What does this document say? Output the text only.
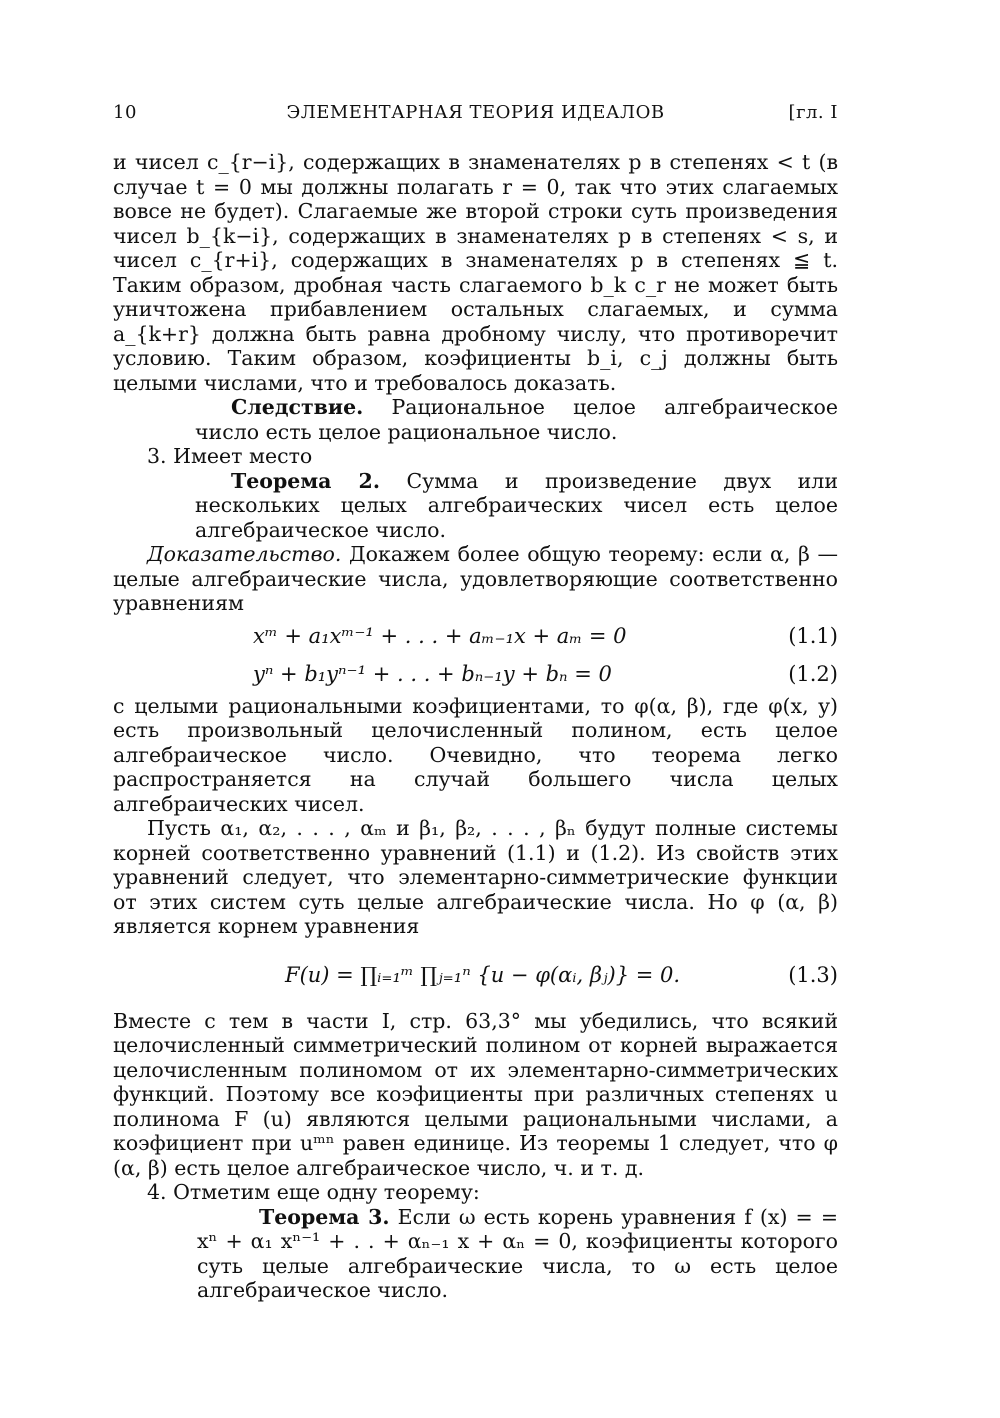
10	ЭЛЕМЕНТАРНАЯ ТЕОРИЯ ИДЕАЛОВ	[гл. I

и чисел c_{r−i}, содержащих в знаменателях p в степенях < t (в случае t = 0 мы должны полагать r = 0, так что этих слагаемых вовсе не будет). Слагаемые же второй строки суть произведения чисел b_{k−i}, содержащих в знаменателях p в степенях < s, и чисел c_{r+i}, содержащих в знаменателях p в степенях ≦ t. Таким образом, дробная часть слагаемого b_k c_r не может быть уничтожена прибавлением остальных слагаемых, и сумма a_{k+r} должна быть равна дробному числу, что противоречит условию. Таким образом, коэфициенты b_i, c_j должны быть целыми числами, что и требовалось доказать.

Следствие. Рациональное целое алгебраическое число есть целое рациональное число.

3. Имеет место

Теорема 2. Сумма и произведение двух или нескольких целых алгебраических чисел есть целое алгебраическое число.

Доказательство. Докажем более общую теорему: если α, β — целые алгебраические числа, удовлетворяющие соответственно уравнениям

xᵐ + a₁xᵐ⁻¹ + . . . + aₘ₋₁x + aₘ = 0	(1.1)
yⁿ + b₁yⁿ⁻¹ + . . . + bₙ₋₁y + bₙ = 0	(1.2)

с целыми рациональными коэфициентами, то φ(α, β), где φ(x, y) есть произвольный целочисленный полином, есть целое алгебраическое число. Очевидно, что теорема легко распространяется на случай большего числа целых алгебраических чисел.

Пусть α₁, α₂, . . . , αₘ и β₁, β₂, . . . , βₙ будут полные системы корней соответственно уравнений (1.1) и (1.2). Из свойств этих уравнений следует, что элементарно-симметрические функции от этих систем суть целые алгебраические числа. Но φ (α, β) является корнем уравнения

F(u) = ∏ᵢ₌₁ᵐ ∏ⱼ₌₁ⁿ {u − φ(αᵢ, βⱼ)} = 0.	(1.3)

Вместе с тем в части I, стр. 63,3° мы убедились, что всякий целочисленный симметрический полином от корней выражается целочисленным полиномом от их элементарно-симметрических функций. Поэтому все коэфициенты при различных степенях u полинома F (u) являются целыми рациональными числами, а коэфициент при uᵐⁿ равен единице. Из теоремы 1 следует, что φ (α, β) есть целое алгебраическое число, ч. и т. д.

4. Отметим еще одну теорему:

Теорема 3. Если ω есть корень уравнения f (x) = = xⁿ + α₁ xⁿ⁻¹ + . . + αₙ₋₁ x + αₙ = 0, коэфициенты которого суть целые алгебраические числа, то ω есть целое алгебраическое число.
